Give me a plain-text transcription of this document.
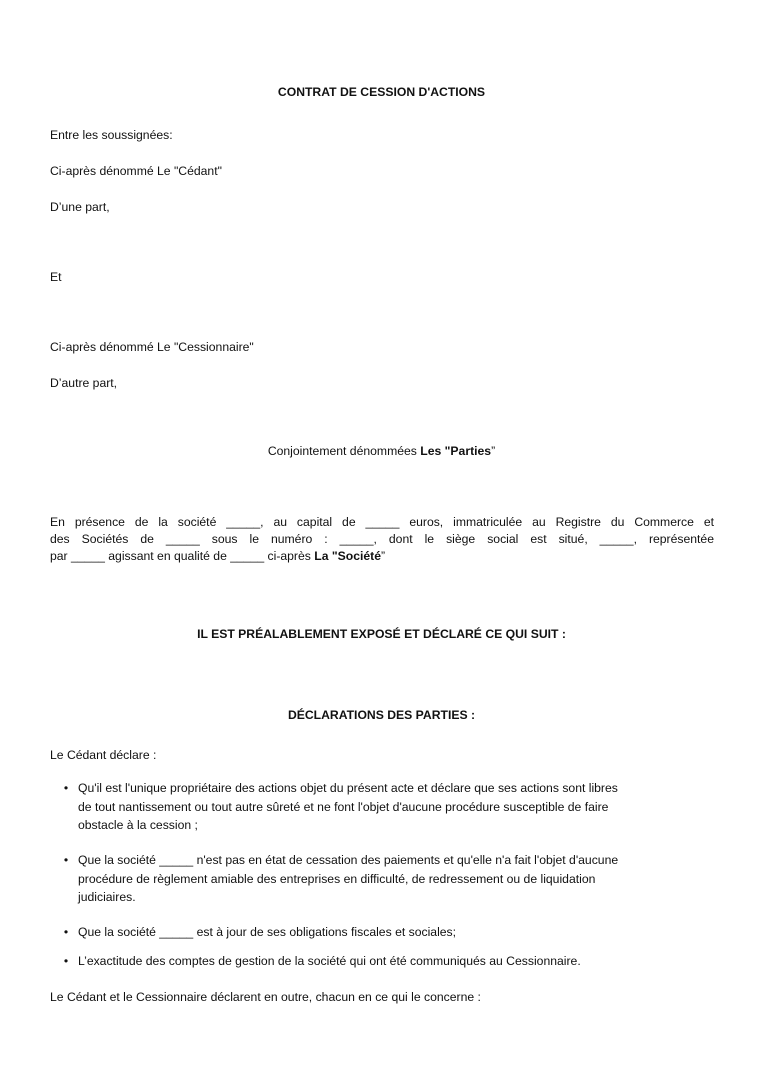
CONTRAT DE CESSION D'ACTIONS

Entre les soussignées:

Ci-après dénommé Le "Cédant"

D’une part,

Et

Ci-après dénommé Le "Cessionnaire"

D’autre part,

Conjointement dénommées Les "Parties”

En présence de la société _____, au capital de _____ euros, immatriculée au Registre du Commerce et
des Sociétés de _____ sous le numéro : _____, dont le siège social est situé, _____, représentée
par _____ agissant en qualité de _____ ci-après La "Société”

IL EST PRÉALABLEMENT EXPOSÉ ET DÉCLARÉ CE QUI SUIT :

DÉCLARATIONS DES PARTIES :

Le Cédant déclare :

• Qu'il est l'unique propriétaire des actions objet du présent acte et déclare que ses actions sont libres
de tout nantissement ou tout autre sûreté et ne font l'objet d'aucune procédure susceptible de faire
obstacle à la cession ;

• Que la société _____ n'est pas en état de cessation des paiements et qu'elle n'a fait l'objet d'aucune
procédure de règlement amiable des entreprises en difficulté, de redressement ou de liquidation
judiciaires.

• Que la société _____ est à jour de ses obligations fiscales et sociales;

• L’exactitude des comptes de gestion de la société qui ont été communiqués au Cessionnaire.

Le Cédant et le Cessionnaire déclarent en outre, chacun en ce qui le concerne :
